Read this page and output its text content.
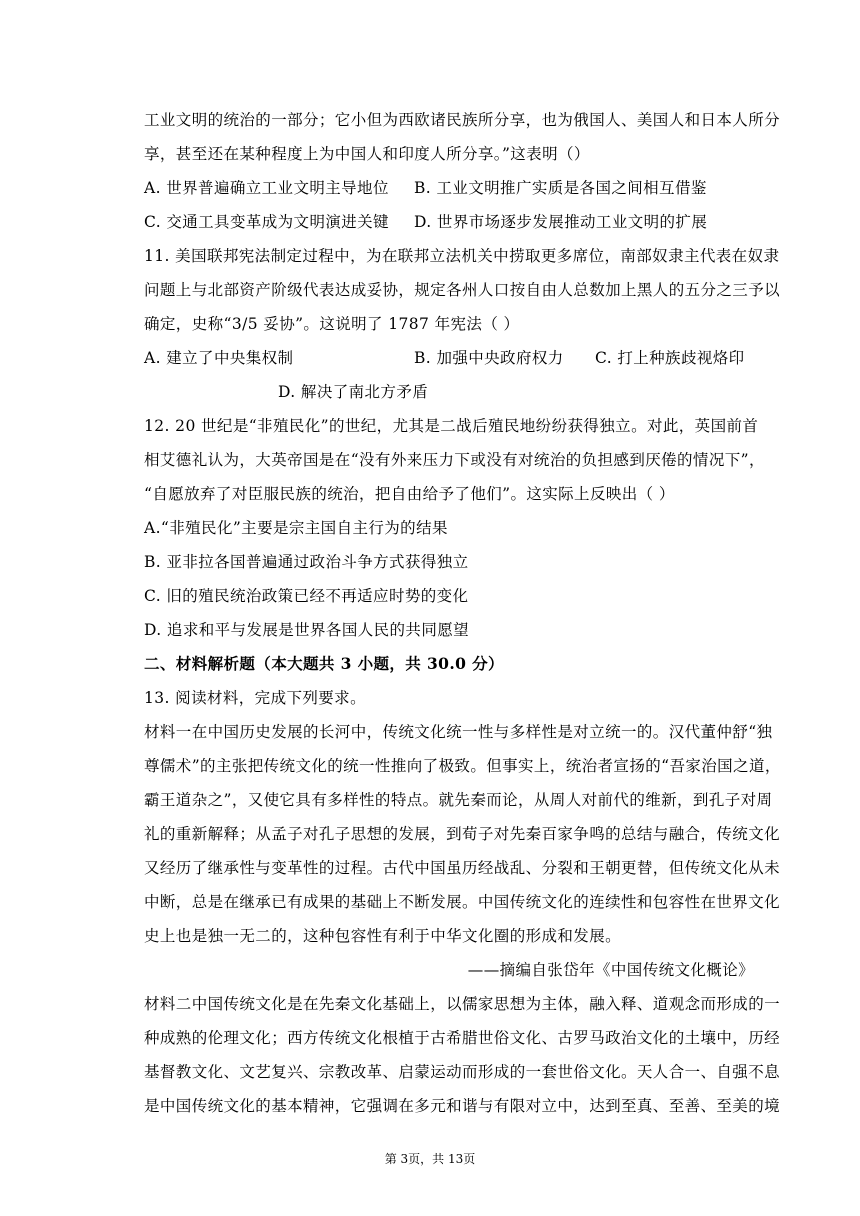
工业文明的统治的一部分；它小但为西欧诸民族所分享，也为俄国人、美国人和日本人所分
享，甚至还在某种程度上为中国人和印度人所分享。”这表明（）
A. 世界普遍确立工业文明主导地位 B. 工业文明推广实质是各国之间相互借鉴
C. 交通工具变革成为文明演进关键 D. 世界市场逐步发展推动工业文明的扩展
11. 美国联邦宪法制定过程中，为在联邦立法机关中捞取更多席位，南部奴隶主代表在奴隶
问题上与北部资产阶级代表达成妥协，规定各州人口按自由人总数加上黑人的五分之三予以
确定，史称“3/5 妥协”。这说明了 1787 年宪法（ ）
A. 建立了中央集权制	B. 加强中央政府权力 C. 打上种族歧视烙印
D. 解决了南北方矛盾
12. 20 世纪是“非殖民化”的世纪，尤其是二战后殖民地纷纷获得独立。对此，英国前首
相艾德礼认为，大英帝国是在“没有外来压力下或没有对统治的负担感到厌倦的情况下”，
“自愿放弃了对臣服民族的统治，把自由给予了他们”。这实际上反映出（ ）
A.“非殖民化”主要是宗主国自主行为的结果
B. 亚非拉各国普遍通过政治斗争方式获得独立
C. 旧的殖民统治政策已经不再适应时势的变化
D. 追求和平与发展是世界各国人民的共同愿望
二、材料解析题（本大题共 3 小题，共 30.0 分）
13. 阅读材料，完成下列要求。
材料一在中国历史发展的长河中，传统文化统一性与多样性是对立统一的。汉代董仲舒“独
尊儒术”的主张把传统文化的统一性推向了极致。但事实上，统治者宣扬的“吾家治国之道，
霸王道杂之”，又使它具有多样性的特点。就先秦而论，从周人对前代的维新，到孔子对周
礼的重新解释；从孟子对孔子思想的发展，到荀子对先秦百家争鸣的总结与融合，传统文化
又经历了继承性与变革性的过程。古代中国虽历经战乱、分裂和王朝更替，但传统文化从未
中断，总是在继承已有成果的基础上不断发展。中国传统文化的连续性和包容性在世界文化
史上也是独一无二的，这种包容性有利于中华文化圈的形成和发展。
——摘编自张岱年《中国传统文化概论》
材料二中国传统文化是在先秦文化基础上，以儒家思想为主体，融入释、道观念而形成的一
种成熟的伦理文化；西方传统文化根植于古希腊世俗文化、古罗马政治文化的土壤中，历经
基督教文化、文艺复兴、宗教改革、启蒙运动而形成的一套世俗文化。天人合一、自强不息
是中国传统文化的基本精神，它强调在多元和谐与有限对立中，达到至真、至善、至美的境
第 3页，共 13页
